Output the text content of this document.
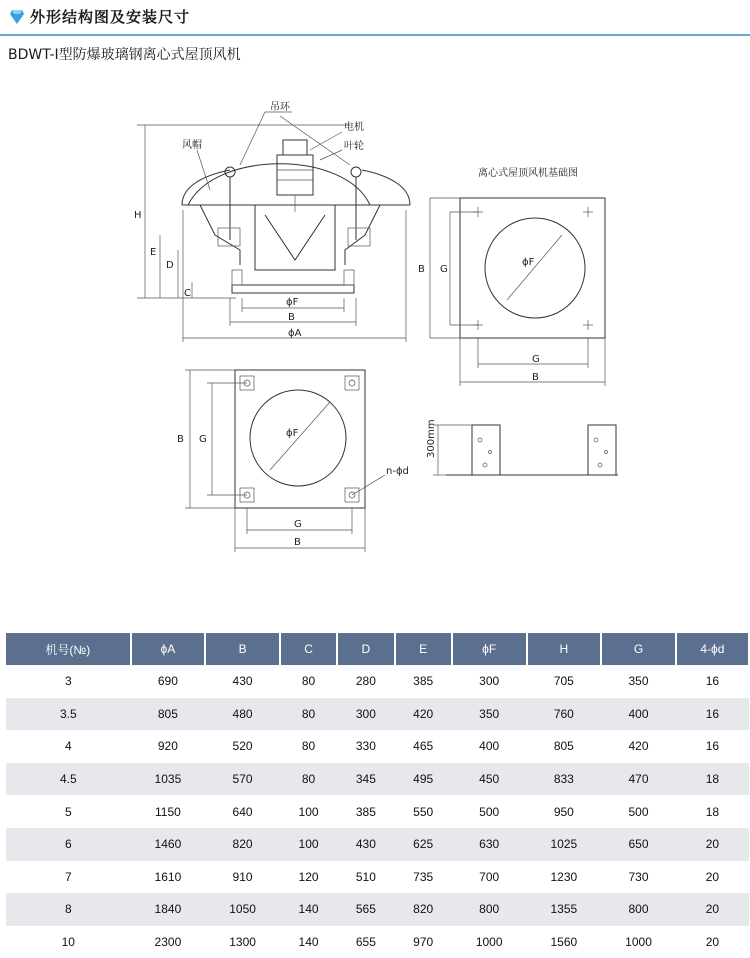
外形结构图及安装尺寸
BDWT-Ⅰ型防爆玻璃钢离心式屋顶风机
吊环
电机
风帽	叶轮
H
E
D
C
ϕF
B
ϕA
离心式屋顶风机基础图
B G
ϕF
G
B
B G
ϕF
G
B
n-ϕd
300mm
机号(№)	ϕA	B	C	D	E	ϕF	H	G	4-ϕd
3	690	430	80	280	385	300	705	350	16
3.5	805	480	80	300	420	350	760	400	16
4	920	520	80	330	465	400	805	420	16
4.5	1035	570	80	345	495	450	833	470	18
5	1150	640	100	385	550	500	950	500	18
6	1460	820	100	430	625	630	1025	650	20
7	1610	910	120	510	735	700	1230	730	20
8	1840	1050	140	565	820	800	1355	800	20
10	2300	1300	140	655	970	1000	1560	1000	20
